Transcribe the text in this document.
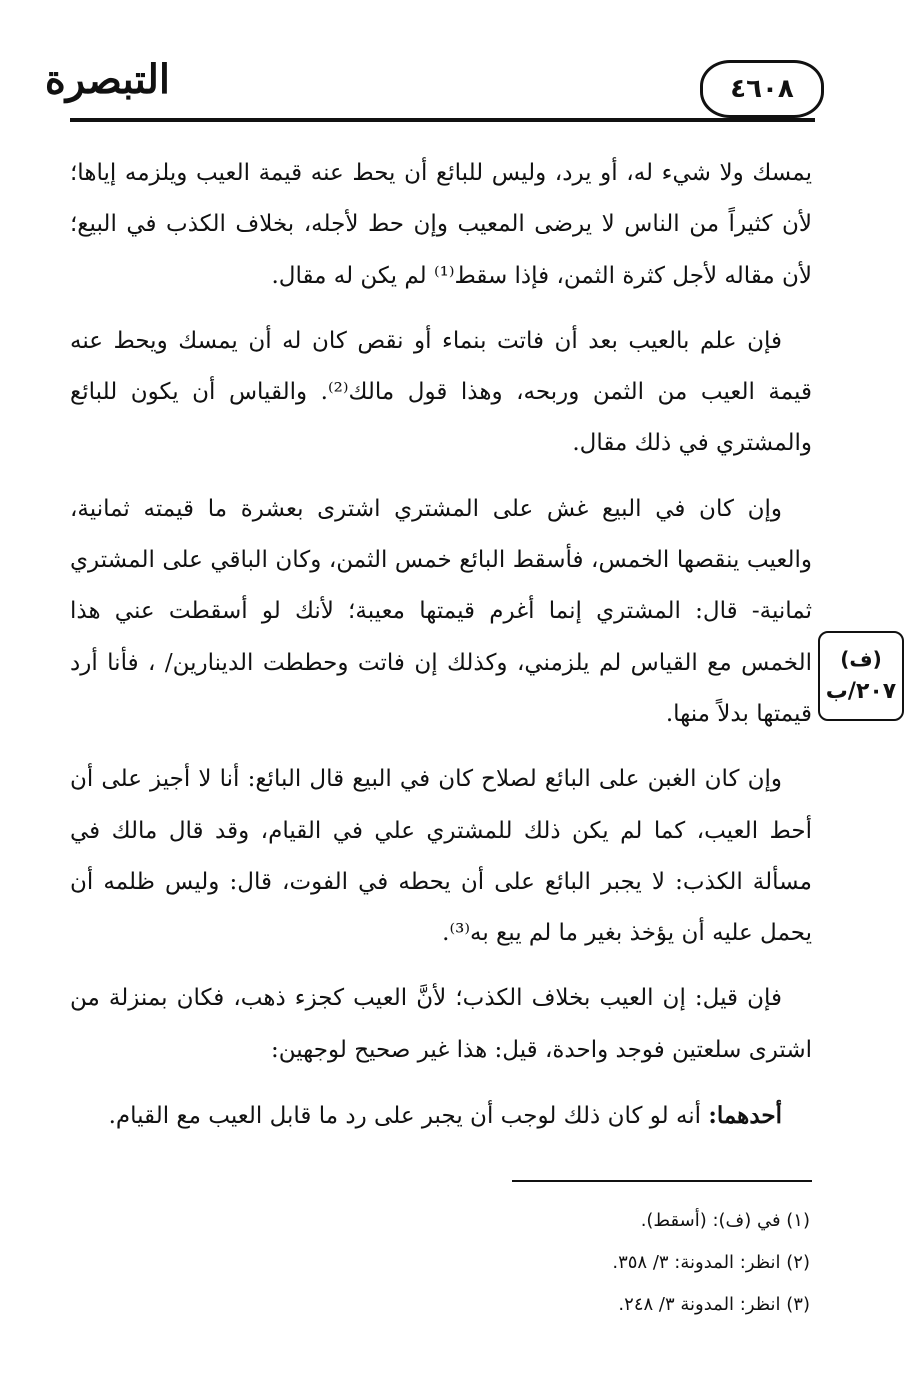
التبصرة	٤٦٠٨

يمسك ولا شيء له، أو يرد، وليس للبائع أن يحط عنه قيمة العيب ويلزمه إياها؛ لأن كثيراً من الناس لا يرضى المعيب وإن حط لأجله، بخلاف الكذب في البيع؛ لأن مقاله لأجل كثرة الثمن، فإذا سقط⁽¹⁾ لم يكن له مقال.

فإن علم بالعيب بعد أن فاتت بنماء أو نقص كان له أن يمسك ويحط عنه قيمة العيب من الثمن وربحه، وهذا قول مالك⁽²⁾. والقياس أن يكون للبائع والمشتري في ذلك مقال.

وإن كان في البيع غش على المشتري اشترى بعشرة ما قيمته ثمانية، والعيب ينقصها الخمس، فأسقط البائع خمس الثمن، وكان الباقي على المشتري ثمانية- قال: المشتري إنما أغرم قيمتها معيبة؛ لأنك لو أسقطت عني هذا الخمس مع القياس لم يلزمني، وكذلك إن فاتت وحططت الدينارين/ ، فأنا أرد قيمتها بدلاً منها.

وإن كان الغبن على البائع لصلاح كان في البيع قال البائع: أنا لا أجيز على أن أحط العيب، كما لم يكن ذلك للمشتري علي في القيام، وقد قال مالك في مسألة الكذب: لا يجبر البائع على أن يحطه في الفوت، قال: وليس ظلمه أن يحمل عليه أن يؤخذ بغير ما لم يبع به⁽³⁾.

فإن قيل: إن العيب بخلاف الكذب؛ لأنَّ العيب كجزء ذهب، فكان بمنزلة من اشترى سلعتين فوجد واحدة، قيل: هذا غير صحيح لوجهين:

أحدهما: أنه لو كان ذلك لوجب أن يجبر على رد ما قابل العيب مع القيام.

(ف)
٢٠٧/ب
(١) في (ف): (أسقط).
(٢) انظر: المدونة: ٣/ ٣٥٨.
(٣) انظر: المدونة ٣/ ٢٤٨.
